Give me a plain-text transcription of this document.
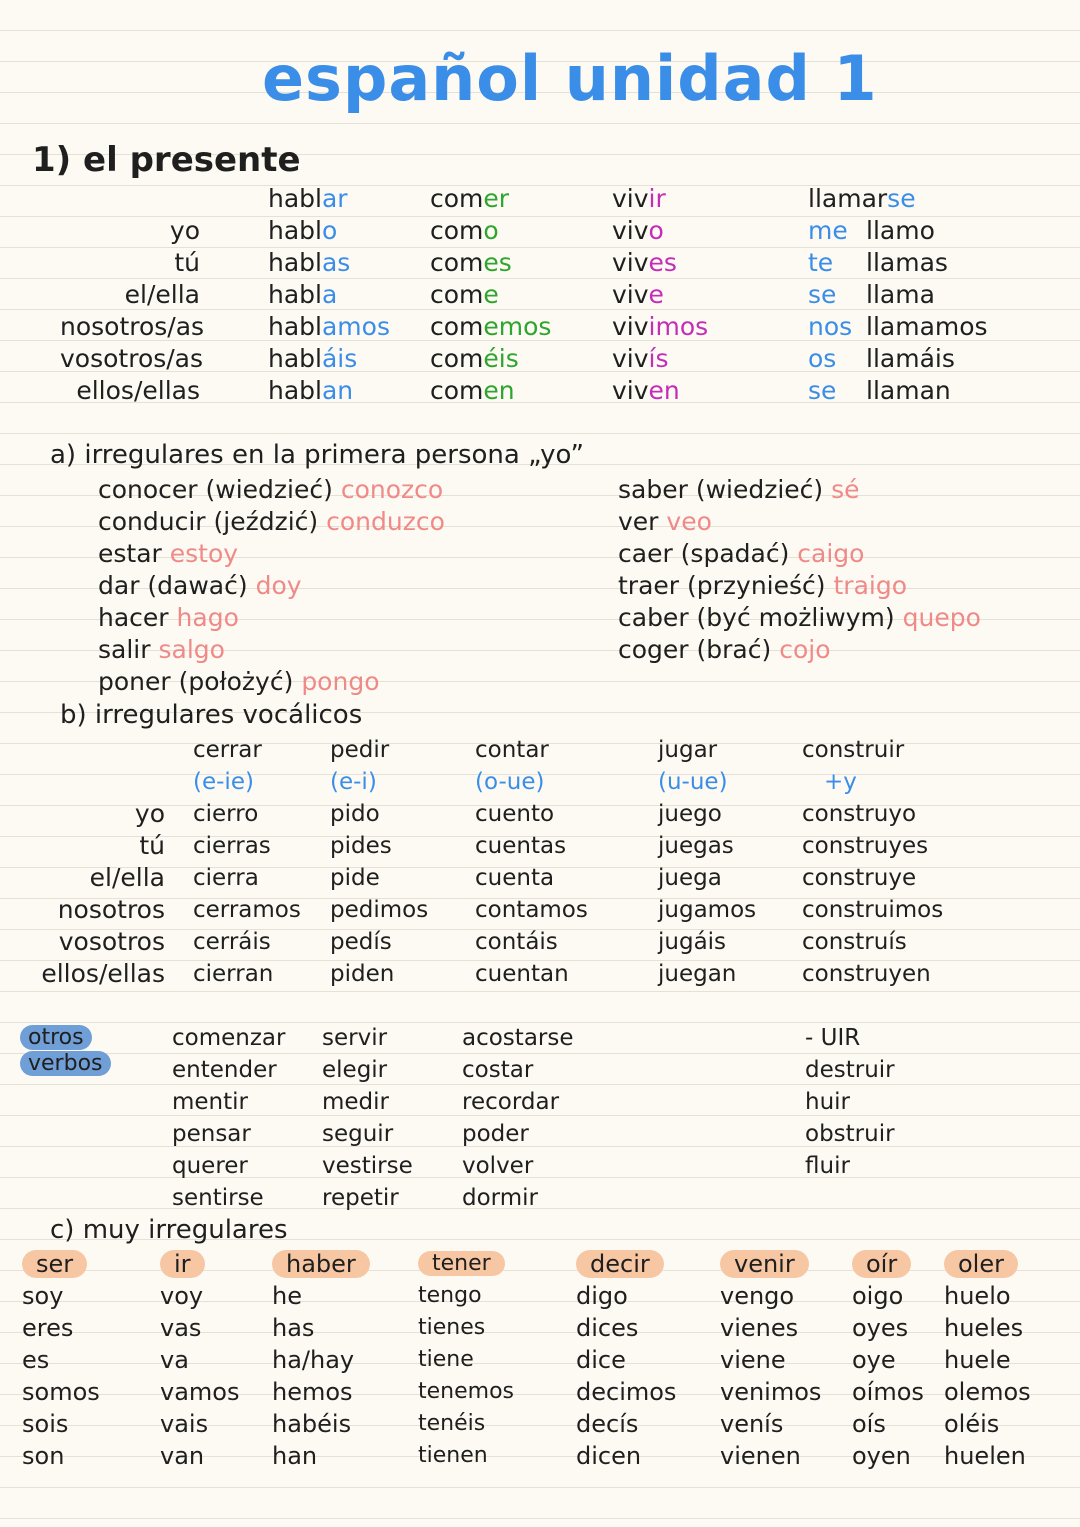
español unidad 1
1) el presente
yo
tú
el/ella
nosotros/as
vosotros/as
ellos/ellas
hablar
hablo
hablas
habla
hablamos
habláis
hablan
comer
como
comes
come
comemos
coméis
comen
vivir
vivo
vives
vive
vivimos
vivís
viven
llamarse
me llamo
te llamas
se llama
nos llamamos
os llamáis
se llaman
a) irregulares en la primera persona „yo”
conocer (wiedzieć) conozco
conducir (jeździć) conduzco
estar estoy
dar (dawać) doy
hacer hago
salir salgo
poner (położyć) pongo
saber (wiedzieć) sé
ver veo
caer (spadać) caigo
traer (przynieść) traigo
caber (być możliwym) quepo
coger (brać) cojo
b) irregulares vocálicos
yo
tú
el/ella
nosotros
vosotros
ellos/ellas
cerrar
(e-ie)
cierro
cierras
cierra
cerramos
cerráis
cierran
pedir
(e-i)
pido
pides
pide
pedimos
pedís
piden
contar
(o-ue)
cuento
cuentas
cuenta
contamos
contáis
cuentan
jugar
(u-ue)
juego
juegas
juega
jugamos
jugáis
juegan
construir
+y
construyo
construyes
construye
construimos
construís
construyen
otros
verbos
comenzar
entender
mentir
pensar
querer
sentirse
servir
elegir
medir
seguir
vestirse
repetir
acostarse
costar
recordar
poder
volver
dormir
- UIR
destruir
huir
obstruir
fluir
c) muy irregulares
ser
soy
eres
es
somos
sois
son
ir
voy
vas
va
vamos
vais
van
haber
he
has
ha/hay
hemos
habéis
han
tener
tengo
tienes
tiene
tenemos
tenéis
tienen
decir
digo
dices
dice
decimos
decís
dicen
venir
vengo
vienes
viene
venimos
venís
vienen
oír
oigo
oyes
oye
oímos
oís
oyen
oler
huelo
hueles
huele
olemos
oléis
huelen
